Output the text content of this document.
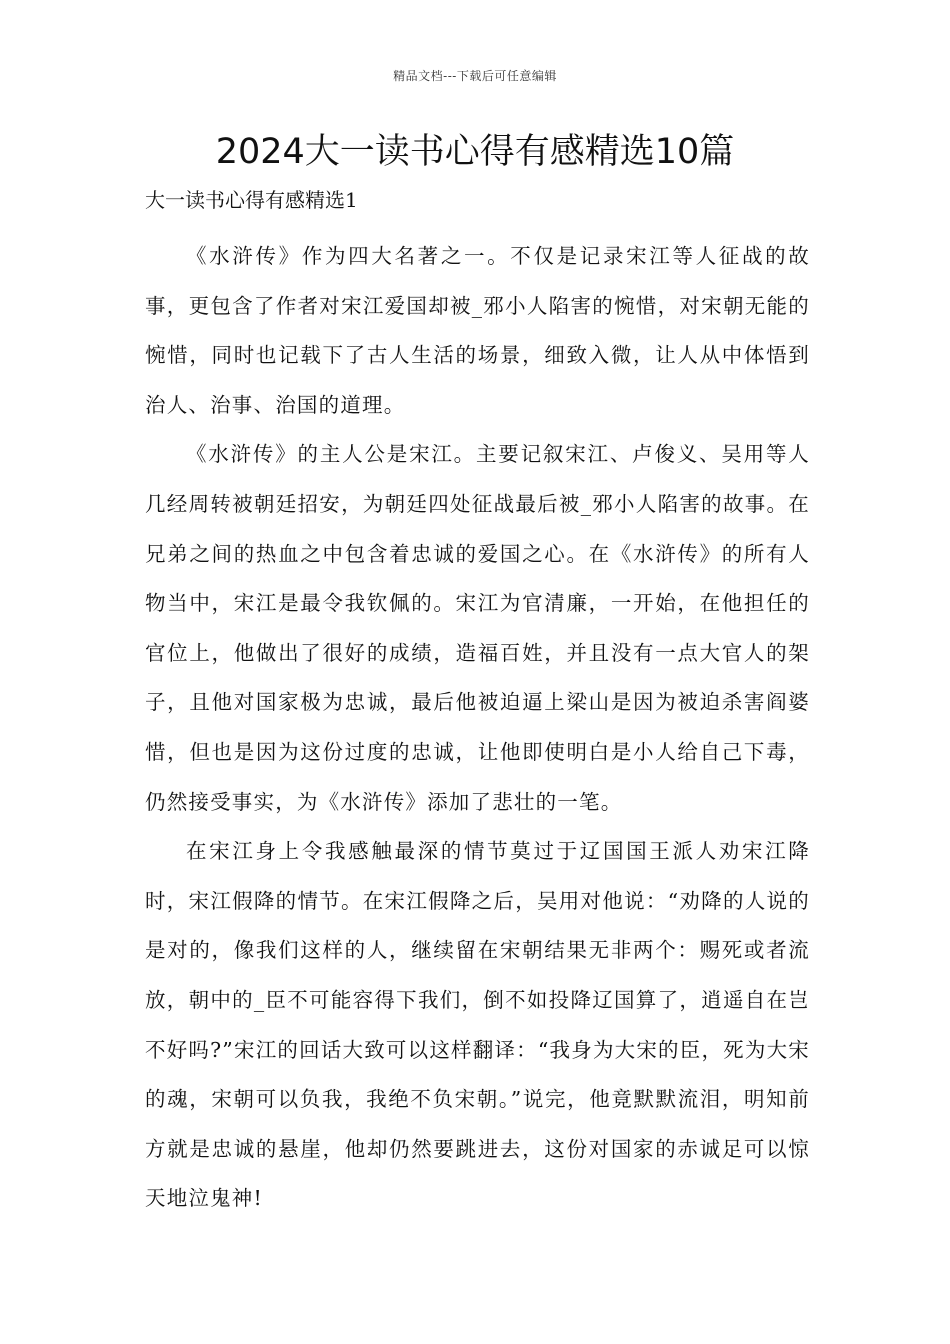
精品文档---下载后可任意编辑
2024大一读书心得有感精选10篇
大一读书心得有感精选1

《水浒传》作为四大名著之一。不仅是记录宋江等人征战的故事，更包含了作者对宋江爱国却被_邪小人陷害的惋惜，对宋朝无能的惋惜，同时也记载下了古人生活的场景，细致入微，让人从中体悟到治人、治事、治国的道理。

《水浒传》的主人公是宋江。主要记叙宋江、卢俊义、吴用等人几经周转被朝廷招安，为朝廷四处征战最后被_邪小人陷害的故事。在兄弟之间的热血之中包含着忠诚的爱国之心。在《水浒传》的所有人物当中，宋江是最令我钦佩的。宋江为官清廉，一开始，在他担任的官位上，他做出了很好的成绩，造福百姓，并且没有一点大官人的架子，且他对国家极为忠诚，最后他被迫逼上梁山是因为被迫杀害阎婆惜，但也是因为这份过度的忠诚，让他即使明白是小人给自己下毒，仍然接受事实，为《水浒传》添加了悲壮的一笔。

在宋江身上令我感触最深的情节莫过于辽国国王派人劝宋江降时，宋江假降的情节。在宋江假降之后，吴用对他说：“劝降的人说的是对的，像我们这样的人，继续留在宋朝结果无非两个：赐死或者流放，朝中的_臣不可能容得下我们，倒不如投降辽国算了，逍遥自在岂不好吗?”宋江的回话大致可以这样翻译：“我身为大宋的臣，死为大宋的魂，宋朝可以负我，我绝不负宋朝。”说完，他竟默默流泪，明知前方就是忠诚的悬崖，他却仍然要跳进去，这份对国家的赤诚足可以惊天地泣鬼神!
